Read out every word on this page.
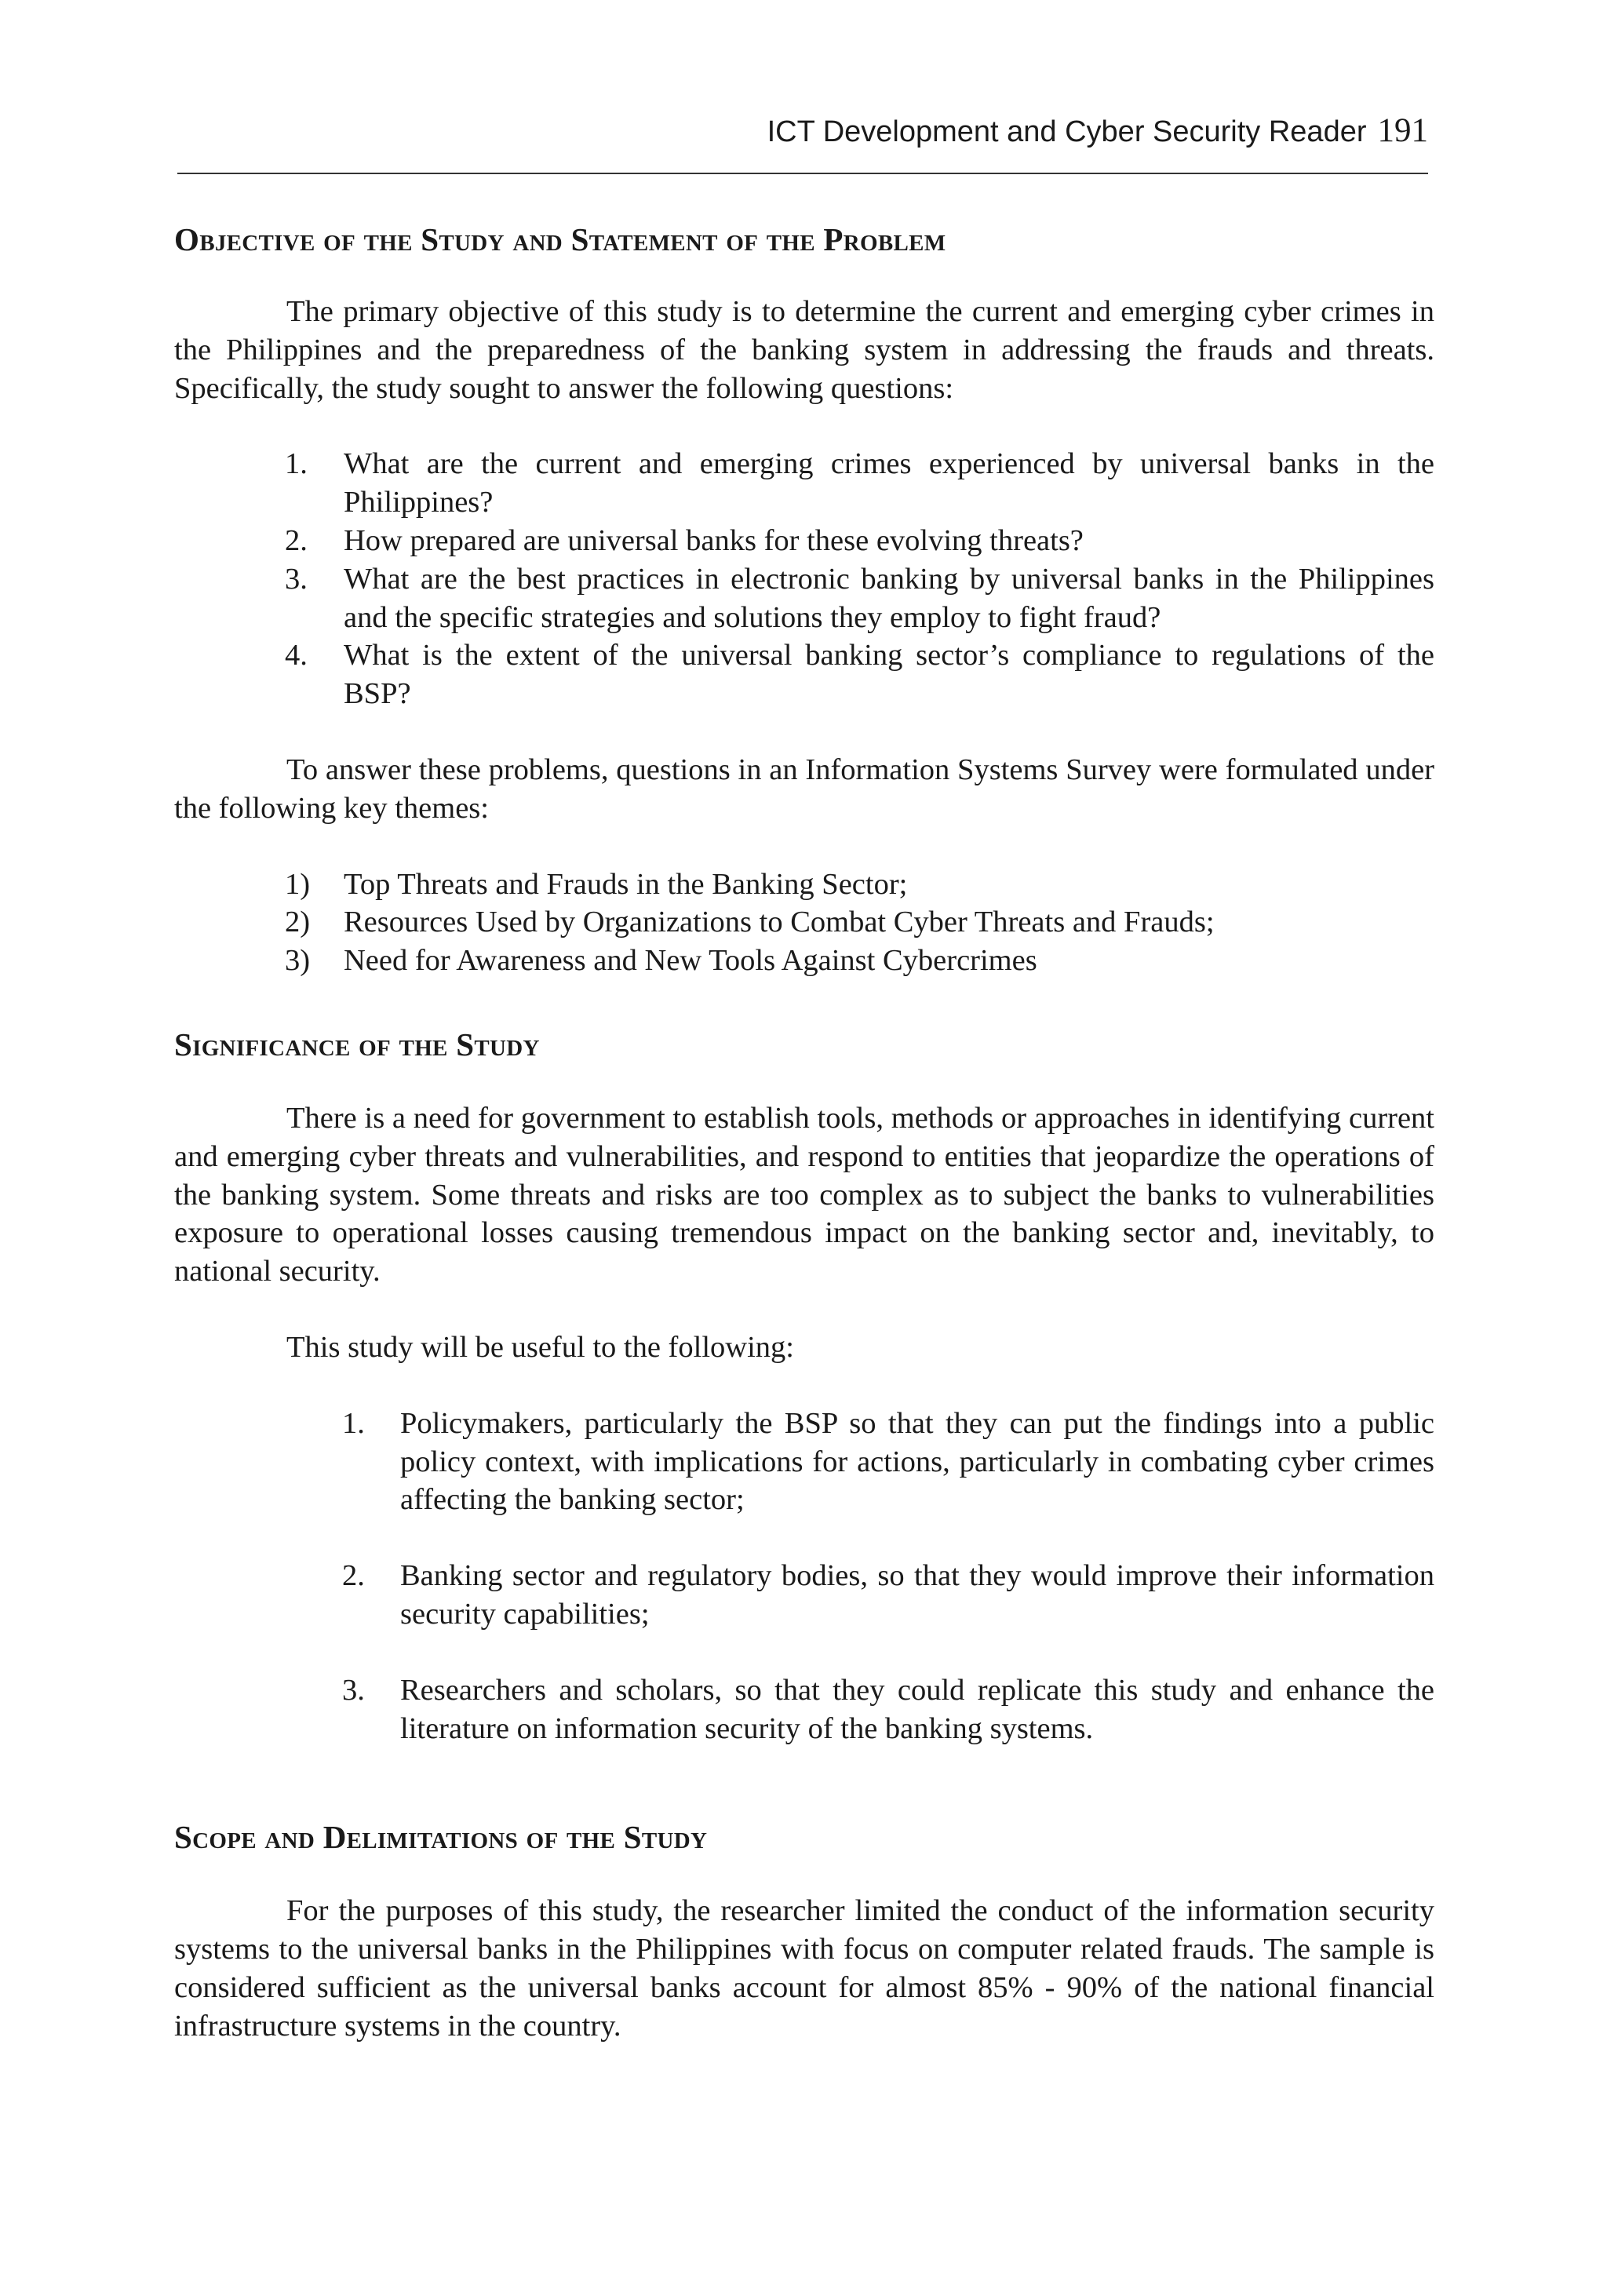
ICT Development and Cyber Security Reader 191
Objective of the Study and Statement of the Problem

The primary objective of this study is to determine the current and emerging cyber crimes in the Philippines and the preparedness of the banking system in addressing the frauds and threats. Specifically, the study sought to answer the following questions:

1. What are the current and emerging crimes experienced by universal banks in the Philippines?
2. How prepared are universal banks for these evolving threats?
3. What are the best practices in electronic banking by universal banks in the Philippines and the specific strategies and solutions they employ to fight fraud?
4. What is the extent of the universal banking sector’s compliance to regulations of the BSP?

To answer these problems, questions in an Information Systems Survey were formulated under the following key themes:

1) Top Threats and Frauds in the Banking Sector;
2) Resources Used by Organizations to Combat Cyber Threats and Frauds;
3) Need for Awareness and New Tools Against Cybercrimes
Significance of the Study

There is a need for government to establish tools, methods or approaches in identifying current and emerging cyber threats and vulnerabilities, and respond to entities that jeopardize the operations of the banking system. Some threats and risks are too complex as to subject the banks to vulnerabilities exposure to operational losses causing tremendous impact on the banking sector and, inevitably, to national security.

This study will be useful to the following:

1. Policymakers, particularly the BSP so that they can put the findings into a public policy context, with implications for actions, particularly in combating cyber crimes affecting the banking sector;
2. Banking sector and regulatory bodies, so that they would improve their information security capabilities;
3. Researchers and scholars, so that they could replicate this study and enhance the literature on information security of the banking systems.
Scope and Delimitations of the Study

For the purposes of this study, the researcher limited the conduct of the information security systems to the universal banks in the Philippines with focus on computer related frauds. The sample is considered sufficient as the universal banks account for almost 85% - 90% of the national financial infrastructure systems in the country.
